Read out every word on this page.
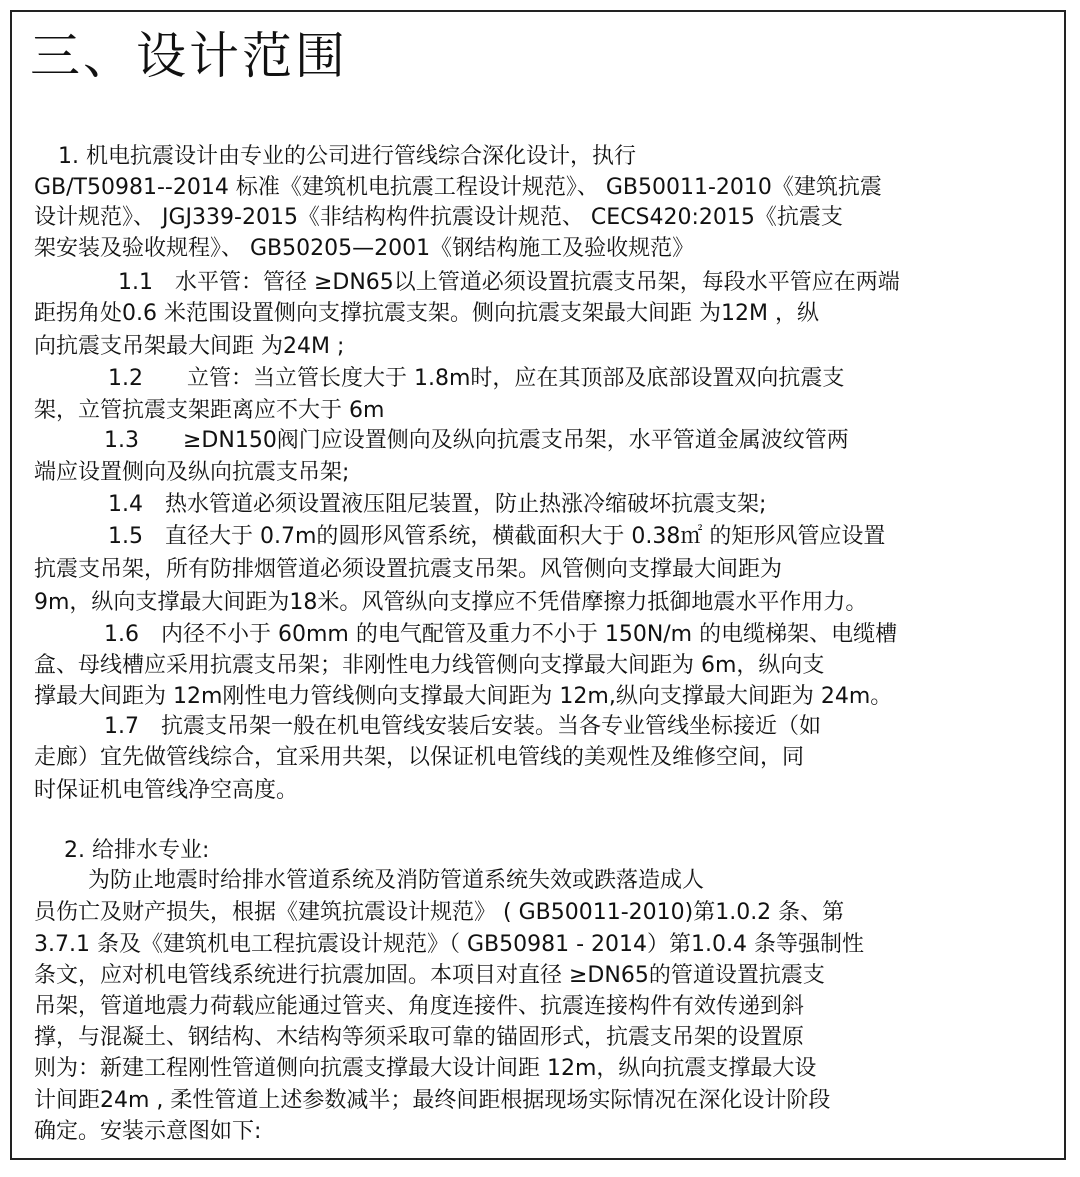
三、设计范围

1. 机电抗震设计由专业的公司进行管线综合深化设计，执行

GB/T50981--2014 标准《建筑机电抗震工程设计规范》、 GB50011-2010《建筑抗震

设计规范》、 JGJ339-2015《非结构构件抗震设计规范、 CECS420:2015《抗震支

架安装及验收规程》、 GB50205—2001《钢结构施工及验收规范》

1.1　水平管：管径 ≥DN65以上管道必须设置抗震支吊架，每段水平管应在两端

距拐角处0.6 米范围设置侧向支撑抗震支架。侧向抗震支架最大间距 为12M ，纵

向抗震支吊架最大间距 为24M ;

1.2　　立管：当立管长度大于 1.8m时，应在其顶部及底部设置双向抗震支

架，立管抗震支架距离应不大于 6m

1.3　　≥DN150阀门应设置侧向及纵向抗震支吊架，水平管道金属波纹管两

端应设置侧向及纵向抗震支吊架;

1.4　热水管道必须设置液压阻尼装置，防止热涨冷缩破坏抗震支架;

1.5　直径大于 0.7m的圆形风管系统，横截面积大于 0.38㎡ 的矩形风管应设置

抗震支吊架，所有防排烟管道必须设置抗震支吊架。风管侧向支撑最大间距为

9m，纵向支撑最大间距为18米。风管纵向支撑应不凭借摩擦力抵御地震水平作用力。

1.6　内径不小于 60mm 的电气配管及重力不小于 150N/m 的电缆梯架、电缆槽

盒、母线槽应采用抗震支吊架；非刚性电力线管侧向支撑最大间距为 6m，纵向支

撑最大间距为 12m刚性电力管线侧向支撑最大间距为 12m,纵向支撑最大间距为 24m。

1.7　抗震支吊架一般在机电管线安装后安装。当各专业管线坐标接近（如

走廊）宜先做管线综合，宜采用共架，以保证机电管线的美观性及维修空间，同

时保证机电管线净空高度。

2. 给排水专业:

为防止地震时给排水管道系统及消防管道系统失效或跌落造成人

员伤亡及财产损失，根据《建筑抗震设计规范》 ( GB50011-2010)第1.0.2 条、第

3.7.1 条及《建筑机电工程抗震设计规范》（ GB50981 - 2014）第1.0.4 条等强制性

条文，应对机电管线系统进行抗震加固。本项目对直径 ≥DN65的管道设置抗震支

吊架，管道地震力荷载应能通过管夹、角度连接件、抗震连接构件有效传递到斜

撑，与混凝土、钢结构、木结构等须采取可靠的锚固形式，抗震支吊架的设置原

则为：新建工程刚性管道侧向抗震支撑最大设计间距 12m，纵向抗震支撑最大设

计间距24m , 柔性管道上述参数减半；最终间距根据现场实际情况在深化设计阶段

确定。安装示意图如下:
